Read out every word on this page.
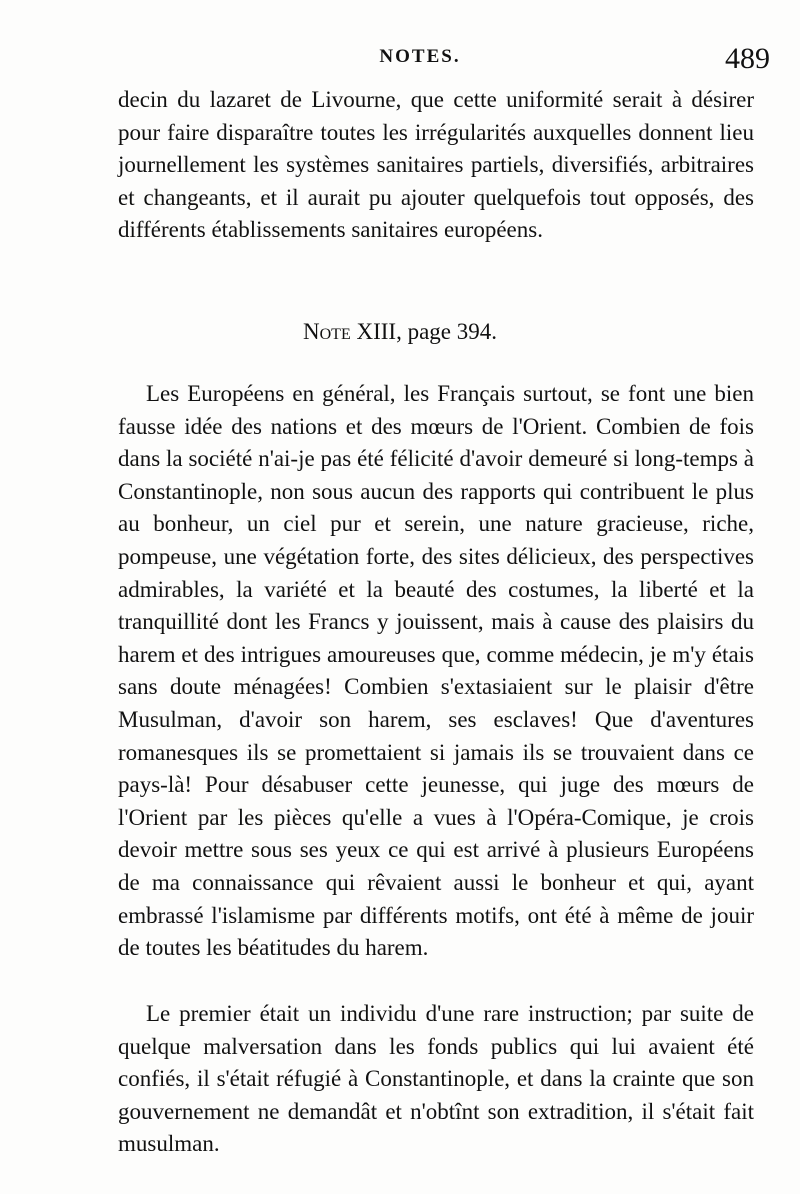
NOTES.	489

decin du lazaret de Livourne, que cette uniformité serait à désirer pour faire disparaître toutes les irrégularités auxquelles donnent lieu journellement les systèmes sanitaires partiels, diversifiés, arbitraires et changeants, et il aurait pu ajouter quelquefois tout opposés, des différents établissements sanitaires européens.

Note XIII, page 394.

Les Européens en général, les Français surtout, se font une bien fausse idée des nations et des mœurs de l'Orient. Combien de fois dans la société n'ai-je pas été félicité d'avoir demeuré si long-temps à Constantinople, non sous aucun des rapports qui contribuent le plus au bonheur, un ciel pur et serein, une nature gracieuse, riche, pompeuse, une végétation forte, des sites délicieux, des perspectives admirables, la variété et la beauté des costumes, la liberté et la tranquillité dont les Francs y jouissent, mais à cause des plaisirs du harem et des intrigues amoureuses que, comme médecin, je m'y étais sans doute ménagées! Combien s'extasiaient sur le plaisir d'être Musulman, d'avoir son harem, ses esclaves! Que d'aventures romanesques ils se promettaient si jamais ils se trouvaient dans ce pays-là! Pour désabuser cette jeunesse, qui juge des mœurs de l'Orient par les pièces qu'elle a vues à l'Opéra-Comique, je crois devoir mettre sous ses yeux ce qui est arrivé à plusieurs Européens de ma connaissance qui rêvaient aussi le bonheur et qui, ayant embrassé l'islamisme par différents motifs, ont été à même de jouir de toutes les béatitudes du harem.

Le premier était un individu d'une rare instruction; par suite de quelque malversation dans les fonds publics qui lui avaient été confiés, il s'était réfugié à Constantinople, et dans la crainte que son gouvernement ne demandât et n'obtînt son extradition, il s'était fait musulman.
